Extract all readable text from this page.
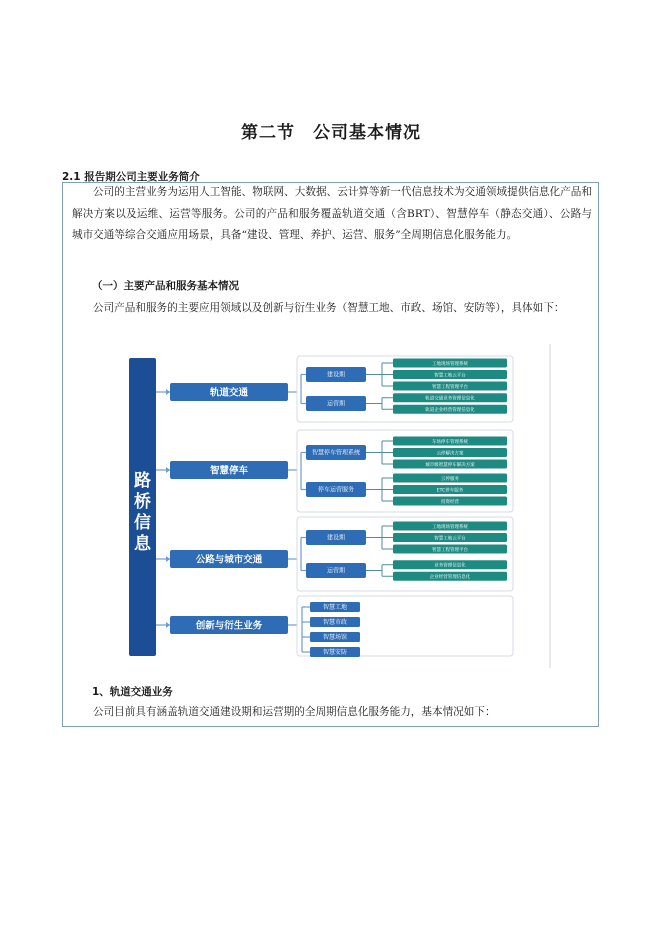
第二节　公司基本情况
2.1 报告期公司主要业务简介
公司的主营业务为运用人工智能、物联网、大数据、云计算等新一代信息技术为交通领域提供信息化产品和解决方案以及运维、运营等服务。公司的产品和服务覆盖轨道交通（含BRT）、智慧停车（静态交通）、公路与城市交通等综合交通应用场景，具备“建设、管理、养护、运营、服务”全周期信息化服务能力。
（一）主要产品和服务基本情况
公司产品和服务的主要应用领域以及创新与衍生业务（智慧工地、市政、场馆、安防等），具体如下：
路
桥
信
息
轨道交通
建设期
工地现场管理系统
智慧工地云平台
智慧工程管理平台
运营期
轨道交通业务管理信息化
轨道企业经营管理信息化
智慧停车
智慧停车管理系统
车场停车管理系统
云停解决方案
城市级智慧停车解决方案
停车运营服务
云停服务
ETC停车服务
投资经营
公路与城市交通
建设期
工地现场管理系统
智慧工地云平台
智慧工程管理平台
运营期
业务管理信息化
企业经营管理信息化
创新与衍生业务
智慧工地
智慧市政
智慧场馆
智慧安防
1、轨道交通业务
公司目前具有涵盖轨道交通建设期和运营期的全周期信息化服务能力，基本情况如下：
